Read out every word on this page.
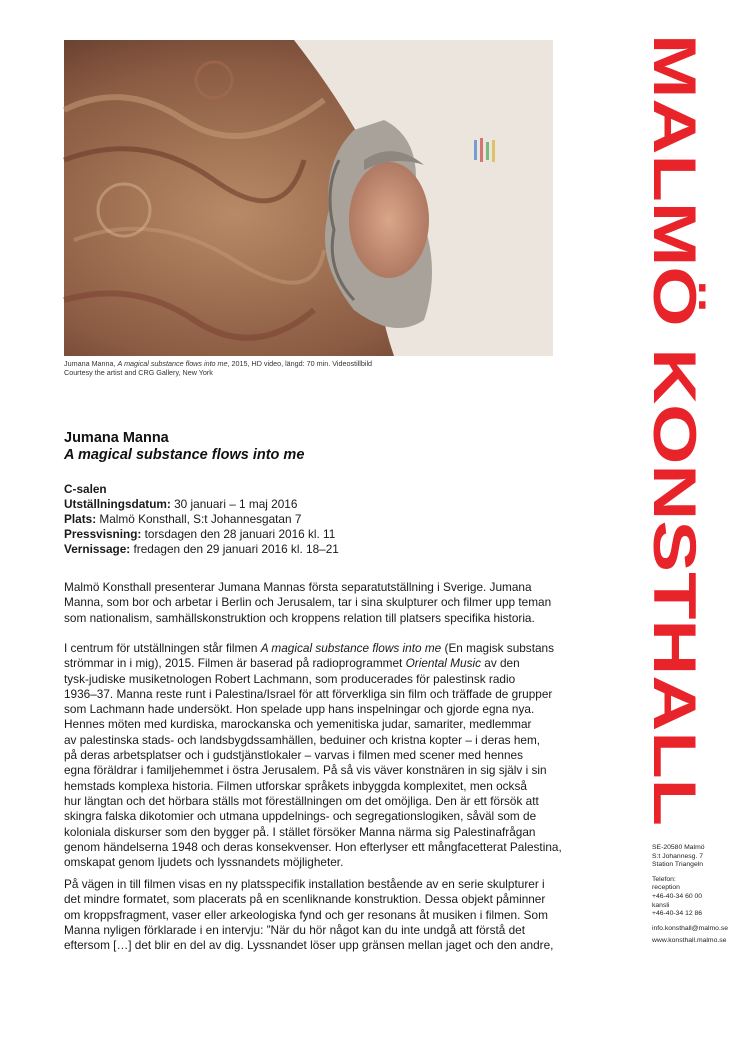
Jumana Manna, A magical substance flows into me, 2015, HD video, längd: 70 min. Videostillbild
Courtesy the artist and CRG Gallery, New York
Jumana Manna
A magical substance flows into me
C-salen
Utställningsdatum: 30 januari – 1 maj 2016
Plats: Malmö Konsthall, S:t Johannesgatan 7
Pressvisning: torsdagen den 28 januari 2016 kl. 11
Vernissage: fredagen den 29 januari 2016 kl. 18–21

Malmö Konsthall presenterar Jumana Mannas första separatutställning i Sverige. Jumana
Manna, som bor och arbetar i Berlin och Jerusalem, tar i sina skulpturer och filmer upp teman
som nationalism, samhällskonstruktion och kroppens relation till platsers specifika historia.

I centrum för utställningen står filmen A magical substance flows into me (En magisk substans
strömmar in i mig), 2015. Filmen är baserad på radioprogrammet Oriental Music av den
tysk-judiske musiketnologen Robert Lachmann, som producerades för palestinsk radio
1936–37. Manna reste runt i Palestina/Israel för att förverkliga sin film och träffade de grupper
som Lachmann hade undersökt. Hon spelade upp hans inspelningar och gjorde egna nya.
Hennes möten med kurdiska, marockanska och yemenitiska judar, samariter, medlemmar
av palestinska stads- och landsbygdssamhällen, beduiner och kristna kopter – i deras hem,
på deras arbetsplatser och i gudstjänstlokaler – varvas i filmen med scener med hennes
egna föräldrar i familjehemmet i östra Jerusalem. På så vis väver konstnären in sig själv i sin
hemstads komplexa historia. Filmen utforskar språkets inbyggda komplexitet, men också
hur längtan och det hörbara ställs mot föreställningen om det omöjliga. Den är ett försök att
skingra falska dikotomier och utmana uppdelnings- och segregationslogiken, såväl som de
koloniala diskurser som den bygger på. I stället försöker Manna närma sig Palestinafrågan
genom händelserna 1948 och deras konsekvenser. Hon efterlyser ett mångfacetterat Palestina,
omskapat genom ljudets och lyssnandets möjligheter.

På vägen in till filmen visas en ny platsspecifik installation bestående av en serie skulpturer i
det mindre formatet, som placerats på en scenliknande konstruktion. Dessa objekt påminner
om kroppsfragment, vaser eller arkeologiska fynd och ger resonans åt musiken i filmen. Som
Manna nyligen förklarade i en intervju: ”När du hör något kan du inte undgå att förstå det
eftersom […] det blir en del av dig. Lyssnandet löser upp gränsen mellan jaget och den andre,

MALMÖ KONSTHALL
SE-20580 Malmö
S:t Johannesg. 7
Station Triangeln
Telefon:
reception
+46-40-34 60 00
kansli
+46-40-34 12 86
info.konsthall@malmo.se
www.konsthall.malmo.se
